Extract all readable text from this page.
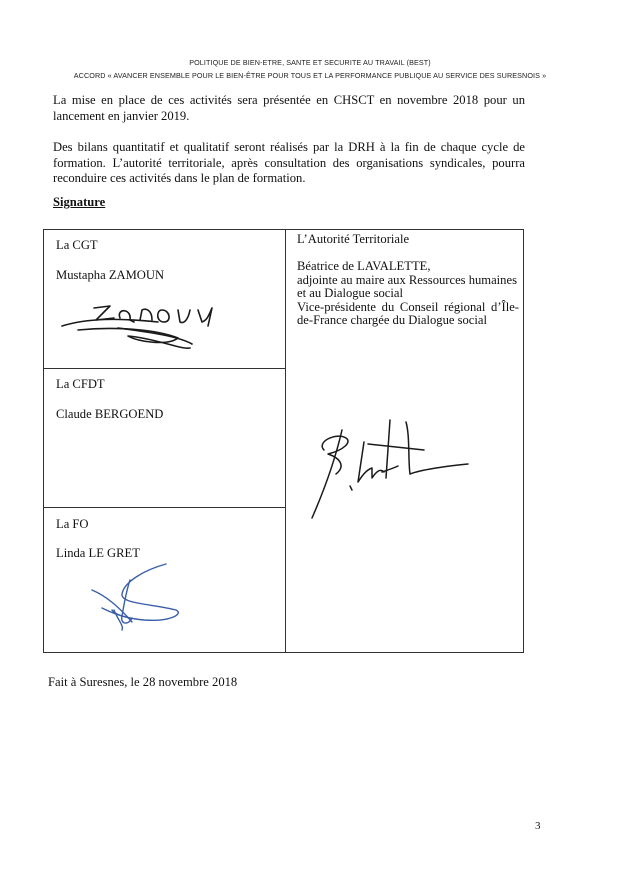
POLITIQUE DE BIEN-ETRE, SANTE ET SECURITE AU TRAVAIL (BEST)
ACCORD « AVANCER ENSEMBLE POUR LE BIEN-ÊTRE POUR TOUS ET LA PERFORMANCE PUBLIQUE AU SERVICE DES SURESNOIS »

La mise en place de ces activités sera présentée en CHSCT en novembre 2018 pour un lancement en janvier 2019.

Des bilans quantitatif et qualitatif seront réalisés par la DRH à la fin de chaque cycle de formation. L’autorité territoriale, après consultation des organisations syndicales, pourra reconduire ces activités dans le plan de formation.

Signature
La CGT
Mustapha ZAMOUN
La CFDT
Claude BERGOEND
La FO
Linda LE GRET
L’Autorité Territoriale
Béatrice de LAVALETTE,
adjointe au maire aux Ressources humaines
et au Dialogue social
Vice-présidente du Conseil régional d’Île-
de-France chargée du Dialogue social
Fait à Suresnes, le 28 novembre 2018
3
